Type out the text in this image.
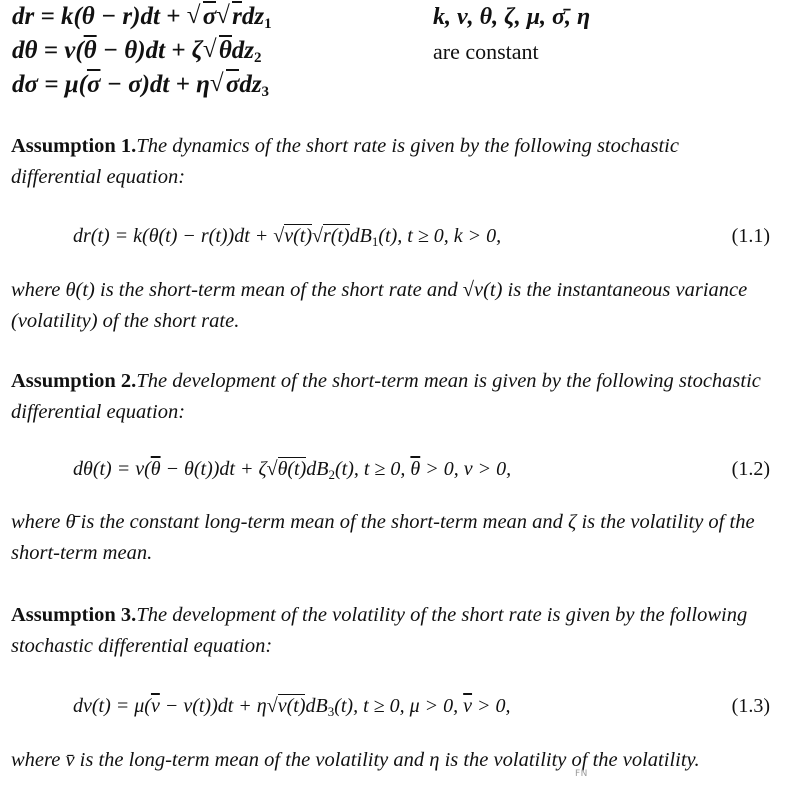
dr = k(θ − r)dt + √ σ √ rdz$_1$
$d\theta = \nu(\overline{\theta} - \theta)dt + \zeta$ √ θdz$_2$
$d\sigma = \mu(\overline{\sigma} - \sigma)dt + \eta$ √ σdz$_3$
k, ν, θ, ζ, μ, σ̄, η
are constant
Assumption 1.The dynamics of the short rate is given by the following stochastic differential equation:
$dr(t) = k(\theta(t) - r(t))dt + √v(t)√r(t)dB_1(t)$, t ≥ 0, k > 0,	(1.1)
where θ(t) is the short-term mean of the short rate and √v(t) is the instantaneous variance (volatility) of the short rate.
Assumption 2.The development of the short-term mean is given by the following stochastic differential equation:
$d\theta(t) = \nu(\overline{\theta} - \theta(t))dt + \zeta√\theta(t)dB_2(t)$, t ≥ 0, $\overline{\theta} > 0$, ν > 0,	(1.2)
where θ̄ is the constant long-term mean of the short-term mean and ζ is the volatility of the short-term mean.
Assumption 3.The development of the volatility of the short rate is given by the following stochastic differential equation:
$dv(t) = \mu(\overline{v} - v(t))dt + \eta√v(t)dB_3(t)$, t ≥ 0, μ > 0, $\overline{v} > 0$,	(1.3)
where v̄ is the long-term mean of the volatility and η is the volatility of the volatility.
FN
